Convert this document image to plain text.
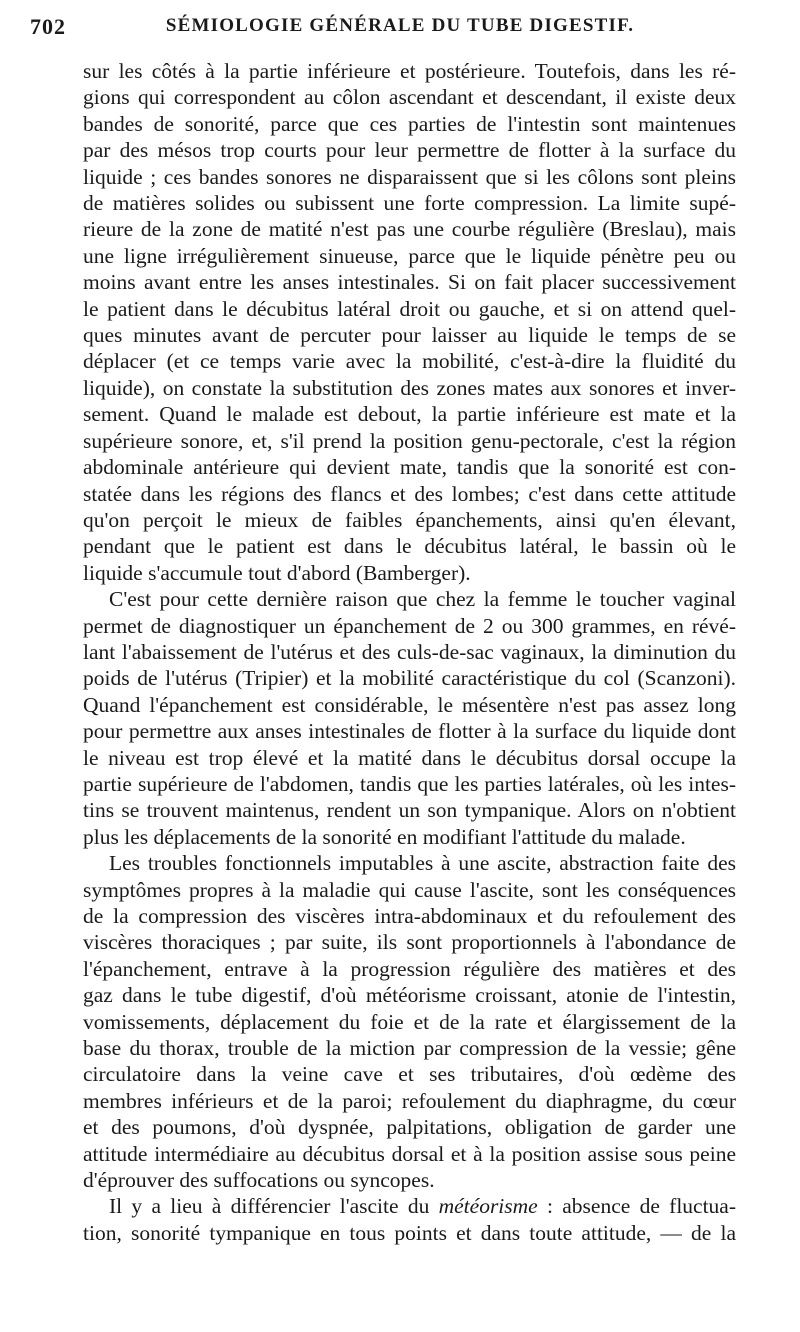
702	SÉMIOLOGIE GÉNÉRALE DU TUBE DIGESTIF.
sur les côtés à la partie inférieure et postérieure. Toutefois, dans les ré-
gions qui correspondent au côlon ascendant et descendant, il existe deux
bandes de sonorité, parce que ces parties de l'intestin sont maintenues
par des mésos trop courts pour leur permettre de flotter à la surface du
liquide ; ces bandes sonores ne disparaissent que si les côlons sont pleins
de matières solides ou subissent une forte compression. La limite supé-
rieure de la zone de matité n'est pas une courbe régulière (Breslau), mais
une ligne irrégulièrement sinueuse, parce que le liquide pénètre peu ou
moins avant entre les anses intestinales. Si on fait placer successivement
le patient dans le décubitus latéral droit ou gauche, et si on attend quel-
ques minutes avant de percuter pour laisser au liquide le temps de se
déplacer (et ce temps varie avec la mobilité, c'est-à-dire la fluidité du
liquide), on constate la substitution des zones mates aux sonores et inver-
sement. Quand le malade est debout, la partie inférieure est mate et la
supérieure sonore, et, s'il prend la position genu-pectorale, c'est la région
abdominale antérieure qui devient mate, tandis que la sonorité est con-
statée dans les régions des flancs et des lombes; c'est dans cette attitude
qu'on perçoit le mieux de faibles épanchements, ainsi qu'en élevant,
pendant que le patient est dans le décubitus latéral, le bassin où le
liquide s'accumule tout d'abord (Bamberger).
C'est pour cette dernière raison que chez la femme le toucher vaginal
permet de diagnostiquer un épanchement de 2 ou 300 grammes, en révé-
lant l'abaissement de l'utérus et des culs-de-sac vaginaux, la diminution du
poids de l'utérus (Tripier) et la mobilité caractéristique du col (Scanzoni).
Quand l'épanchement est considérable, le mésentère n'est pas assez long
pour permettre aux anses intestinales de flotter à la surface du liquide dont
le niveau est trop élevé et la matité dans le décubitus dorsal occupe la
partie supérieure de l'abdomen, tandis que les parties latérales, où les intes-
tins se trouvent maintenus, rendent un son tympanique. Alors on n'obtient
plus les déplacements de la sonorité en modifiant l'attitude du malade.
Les troubles fonctionnels imputables à une ascite, abstraction faite des
symptômes propres à la maladie qui cause l'ascite, sont les conséquences
de la compression des viscères intra-abdominaux et du refoulement des
viscères thoraciques ; par suite, ils sont proportionnels à l'abondance de
l'épanchement, entrave à la progression régulière des matières et des
gaz dans le tube digestif, d'où météorisme croissant, atonie de l'intestin,
vomissements, déplacement du foie et de la rate et élargissement de la
base du thorax, trouble de la miction par compression de la vessie; gêne
circulatoire dans la veine cave et ses tributaires, d'où œdème des
membres inférieurs et de la paroi; refoulement du diaphragme, du cœur
et des poumons, d'où dyspnée, palpitations, obligation de garder une
attitude intermédiaire au décubitus dorsal et à la position assise sous peine
d'éprouver des suffocations ou syncopes.
Il y a lieu à différencier l'ascite du météorisme : absence de fluctua-
tion, sonorité tympanique en tous points et dans toute attitude, — de la
